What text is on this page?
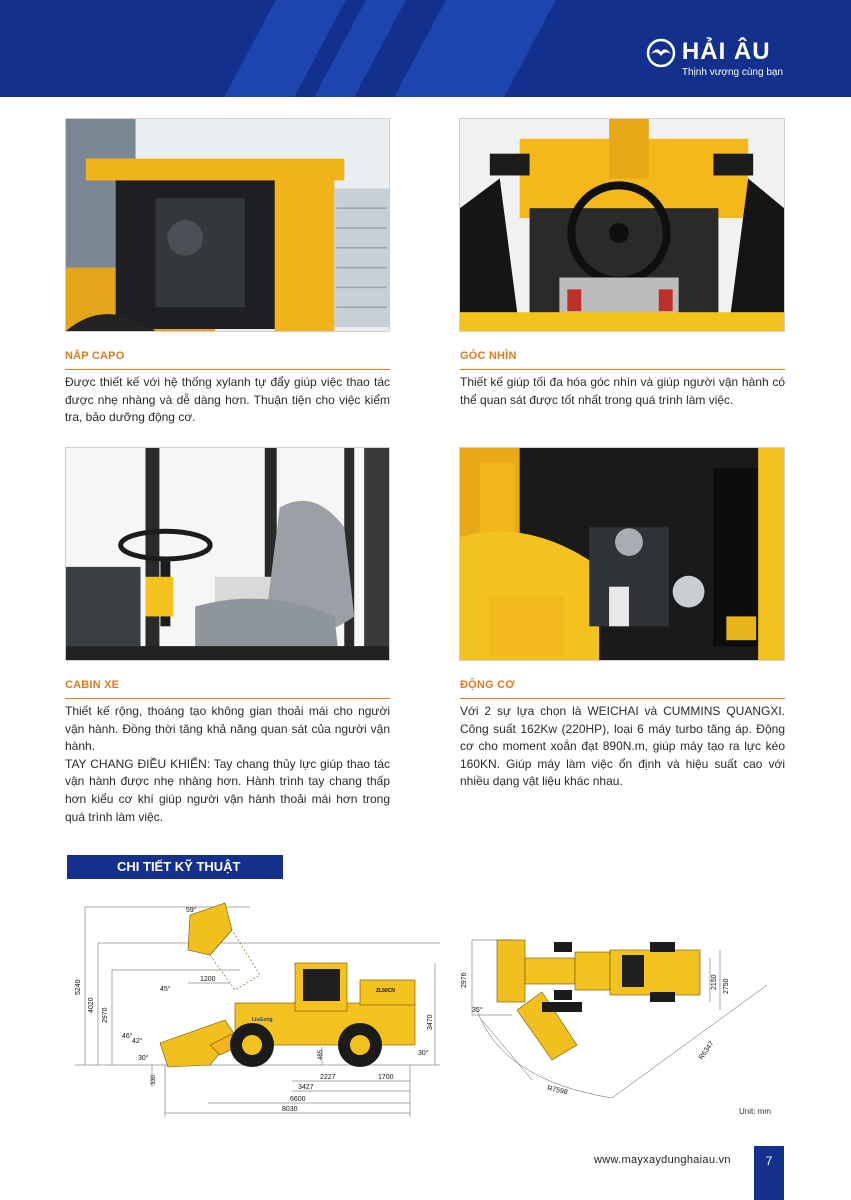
HẢI ÂU
Thịnh vượng cùng bạn
NẮP CAPO

Được thiết kế với hệ thống xylanh tự đẩy giúp việc thao tác được nhẹ nhàng và dễ dàng hơn. Thuận tiện cho việc kiểm tra, bảo dưỡng động cơ.

GÓC NHÌN

Thiết kế giúp tối đa hóa góc nhìn và giúp người vận hành có thể quan sát được tốt nhất trong quá trình làm việc.

CABIN XE

Thiết kế rộng, thoáng tạo không gian thoải mái cho người vận hành. Đồng thời tăng khả năng quan sát của người vận hành.

TAY CHANG ĐIỀU KHIỂN: Tay chang thủy lực giúp thao tác vận hành được nhẹ nhàng hơn. Hành trình tay chang thấp hơn kiểu cơ khí giúp người vận hành thoải mái hơn trong quá trình làm việc.

ĐỘNG CƠ

Với 2 sự lựa chọn là WEICHAI và CUMMINS QUANGXI. Công suất 162Kw (220HP), loại 6 máy turbo tăng áp. Động cơ cho moment xoắn đạt 890N.m, giúp máy tạo ra lực kéo 160KN. Giúp máy làm việc ổn định và hiệu suất cao với nhiều dạng vật liệu khác nhau.

CHI TIẾT KỸ THUẬT
ZL50CN
LiuGong
5240
4020
2970
485
330
3470
59°
45°
46°
42°
30°
30°
1200
2227	1700
3427
6600
8030
2976	2150 2750
35°
R6347
R7598
Unit: mm
www.mayxaydunghaiau.vn	7
